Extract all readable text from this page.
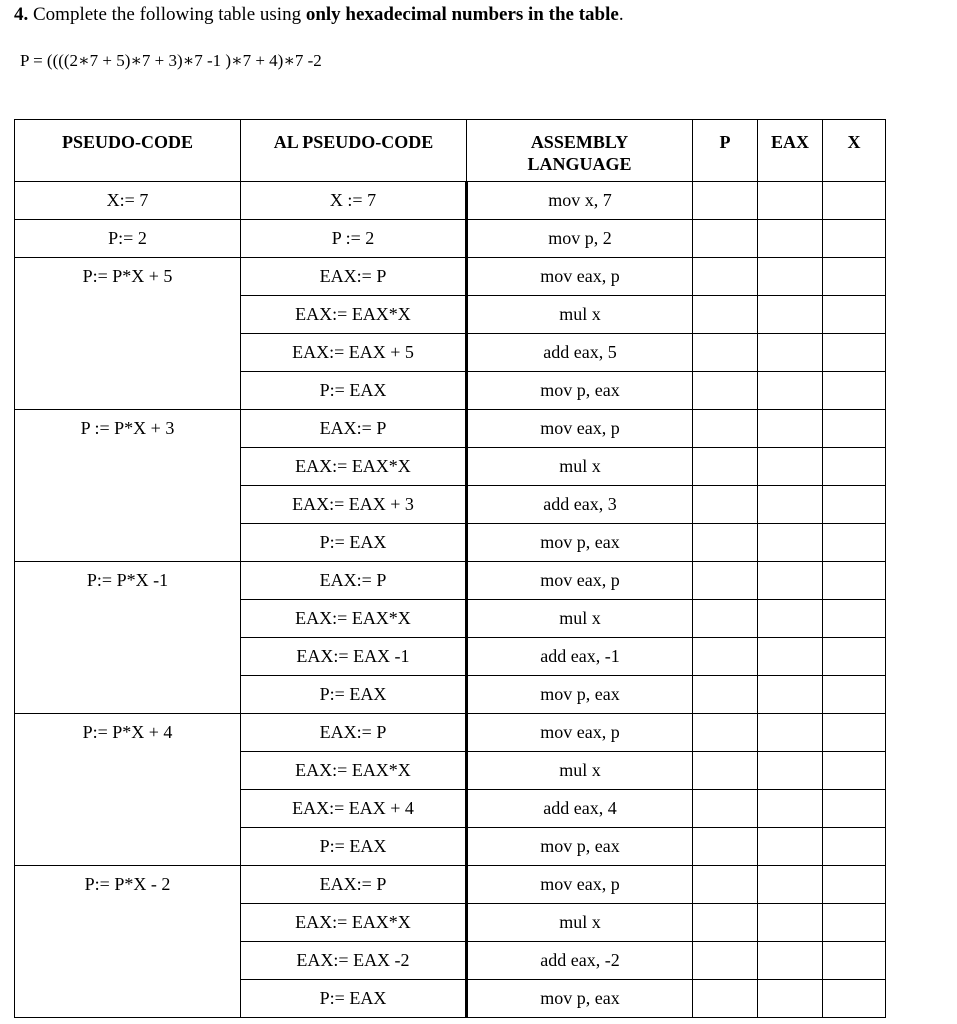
4. Complete the following table using only hexadecimal numbers in the table.
P = ((((2∗7 + 5)∗7 + 3)∗7 -1 )∗7 + 4)∗7 -2
PSEUDO-CODE	AL PSEUDO-CODE	ASSEMBLY LANGUAGE	P	EAX	X
X:= 7	X := 7	mov x, 7			
P:= 2	P := 2	mov p, 2			
P:= P*X + 5	EAX:= P	mov eax, p			
	EAX:= EAX*X	mul x			
	EAX:= EAX + 5	add eax, 5			
	P:= EAX	mov p, eax			
P := P*X + 3	EAX:= P	mov eax, p			
	EAX:= EAX*X	mul x			
	EAX:= EAX + 3	add eax, 3			
	P:= EAX	mov p, eax			
P:= P*X -1	EAX:= P	mov eax, p			
	EAX:= EAX*X	mul x			
	EAX:= EAX -1	add eax, -1			
	P:= EAX	mov p, eax			
P:= P*X + 4	EAX:= P	mov eax, p			
	EAX:= EAX*X	mul x			
	EAX:= EAX + 4	add eax, 4			
	P:= EAX	mov p, eax			
P:= P*X - 2	EAX:= P	mov eax, p			
	EAX:= EAX*X	mul x			
	EAX:= EAX -2	add eax, -2			
	P:= EAX	mov p, eax			
